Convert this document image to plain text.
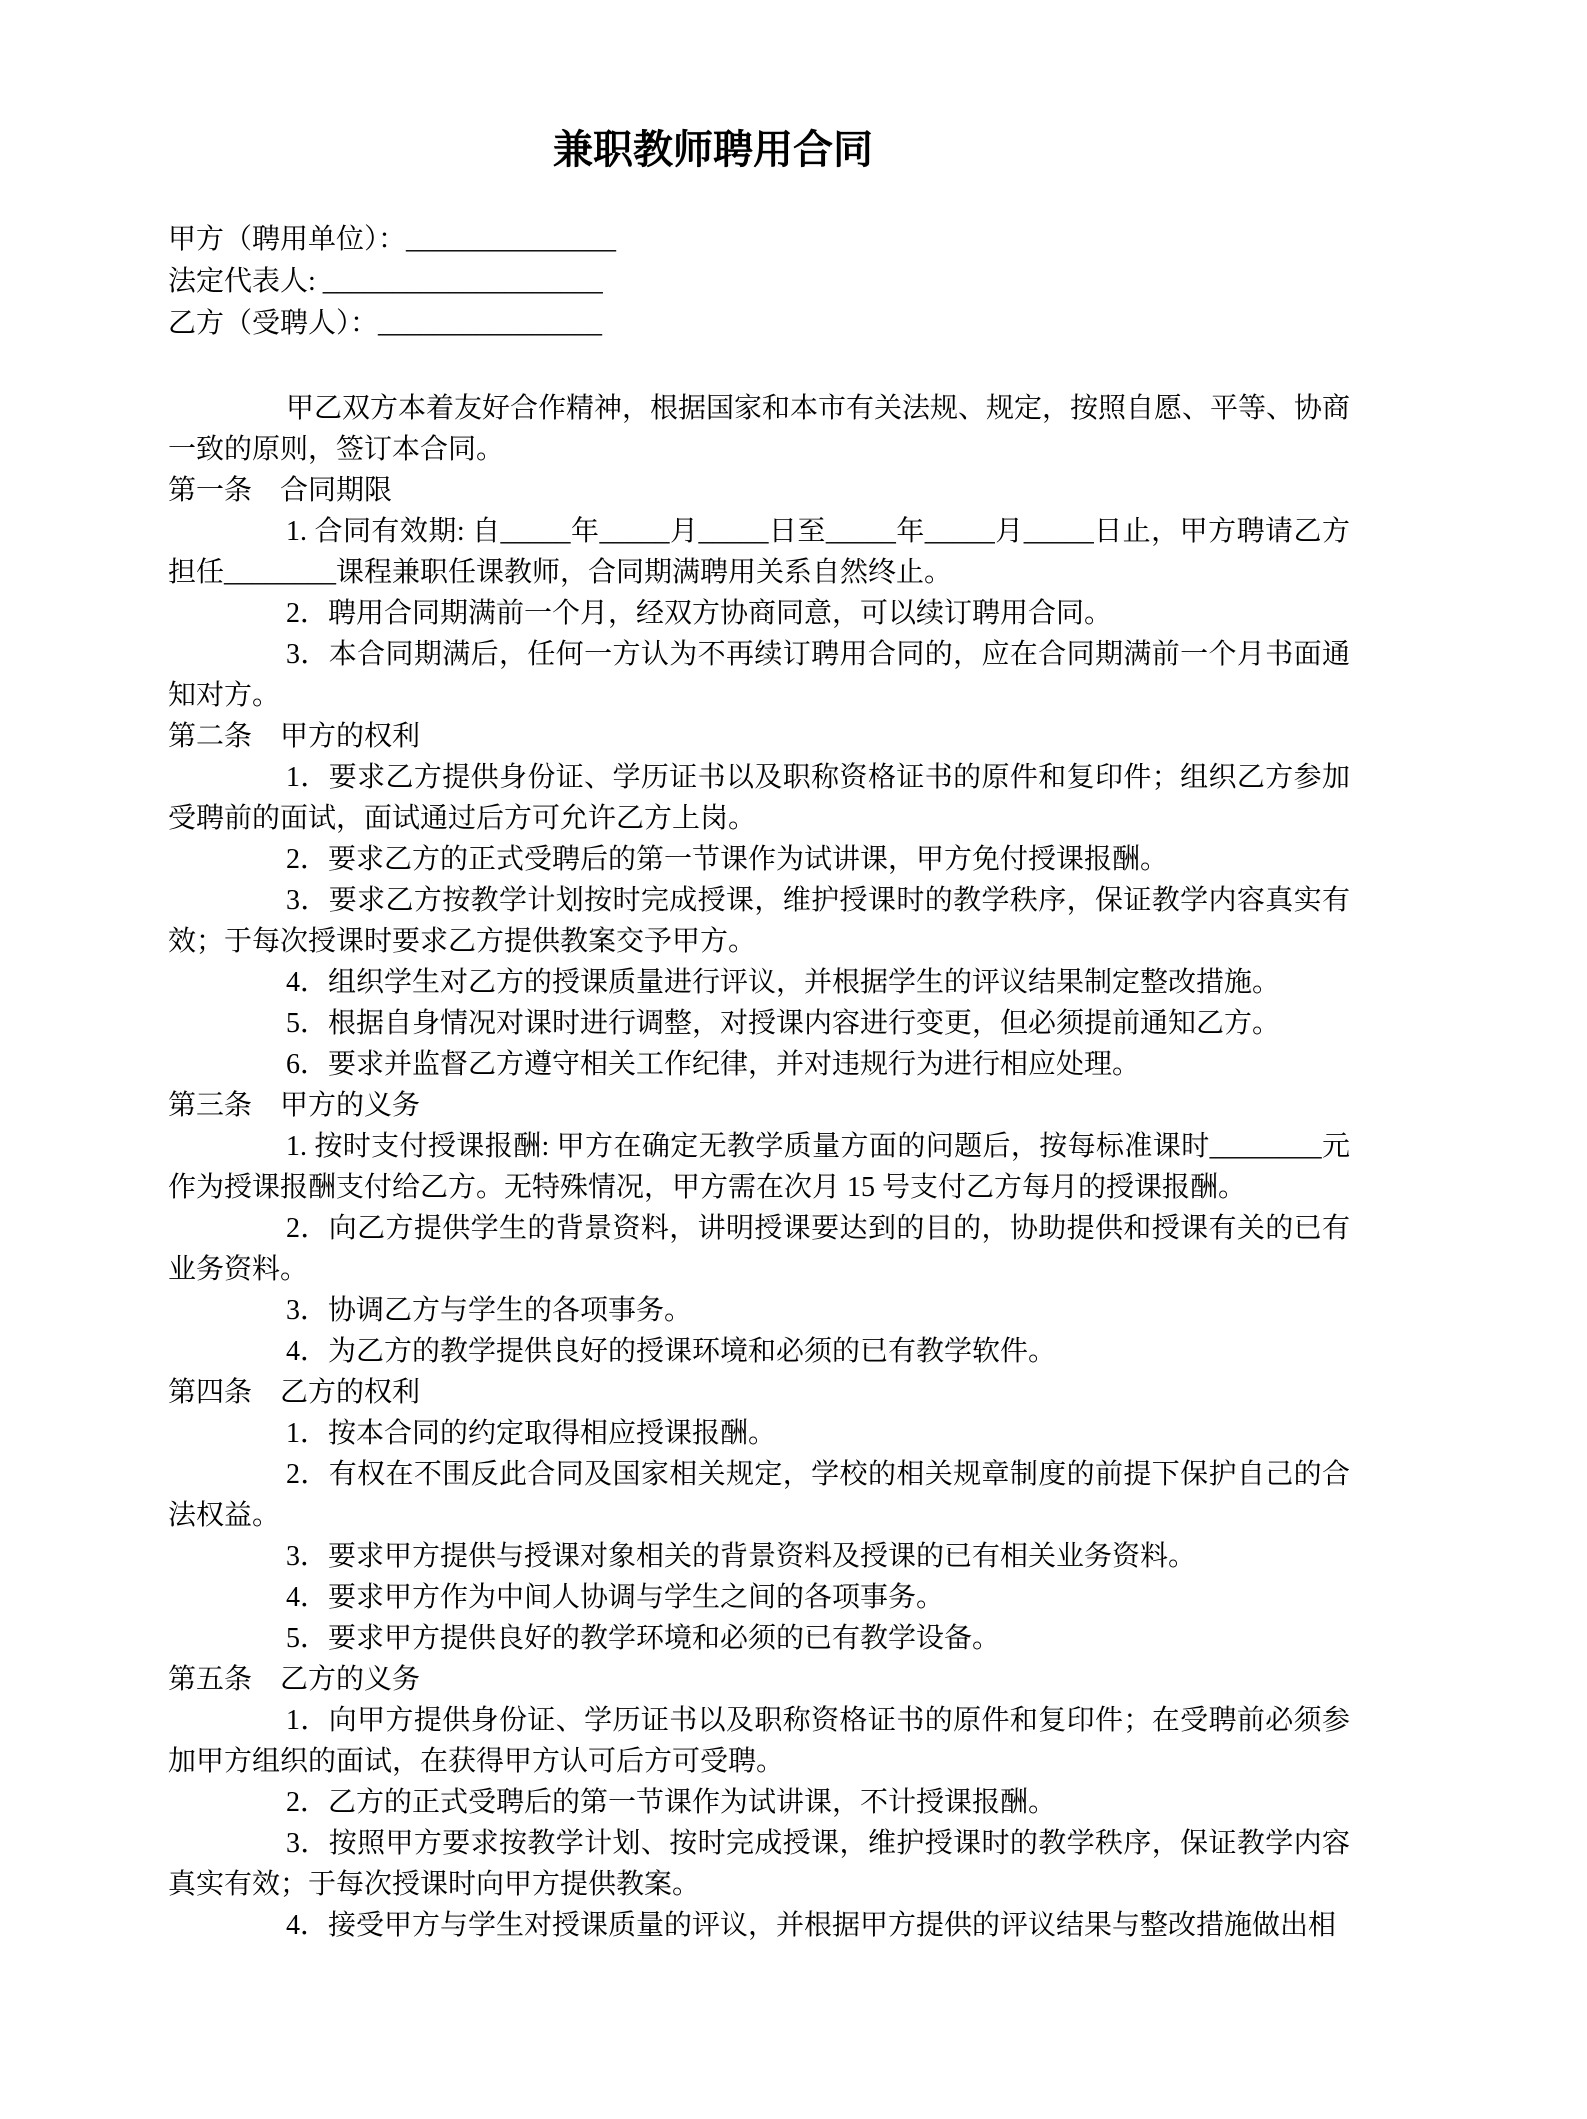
兼职教师聘用合同
甲方（聘用单位）：_______________
法定代表人: ____________________
乙方（受聘人）：________________

甲乙双方本着友好合作精神，根据国家和本市有关法规、规定，按照自愿、平等、协商一致的原则，签订本合同。

第一条　合同期限

1. 合同有效期: 自_____年_____月_____日至_____年_____月_____日止，甲方聘请乙方担任________课程兼职任课教师，合同期满聘用关系自然终止。

2．聘用合同期满前一个月，经双方协商同意，可以续订聘用合同。

3．本合同期满后，任何一方认为不再续订聘用合同的，应在合同期满前一个月书面通知对方。

第二条　甲方的权利

1．要求乙方提供身份证、学历证书以及职称资格证书的原件和复印件；组织乙方参加受聘前的面试，面试通过后方可允许乙方上岗。

2．要求乙方的正式受聘后的第一节课作为试讲课，甲方免付授课报酬。

3．要求乙方按教学计划按时完成授课，维护授课时的教学秩序，保证教学内容真实有效；于每次授课时要求乙方提供教案交予甲方。

4．组织学生对乙方的授课质量进行评议，并根据学生的评议结果制定整改措施。

5．根据自身情况对课时进行调整，对授课内容进行变更，但必须提前通知乙方。

6．要求并监督乙方遵守相关工作纪律，并对违规行为进行相应处理。

第三条　甲方的义务

1. 按时支付授课报酬: 甲方在确定无教学质量方面的问题后，按每标准课时________元作为授课报酬支付给乙方。无特殊情况，甲方需在次月 15 号支付乙方每月的授课报酬。

2．向乙方提供学生的背景资料，讲明授课要达到的目的，协助提供和授课有关的已有业务资料。

3．协调乙方与学生的各项事务。

4．为乙方的教学提供良好的授课环境和必须的已有教学软件。

第四条　乙方的权利

1．按本合同的约定取得相应授课报酬。

2．有权在不围反此合同及国家相关规定，学校的相关规章制度的前提下保护自己的合法权益。

3．要求甲方提供与授课对象相关的背景资料及授课的已有相关业务资料。

4．要求甲方作为中间人协调与学生之间的各项事务。

5．要求甲方提供良好的教学环境和必须的已有教学设备。

第五条　乙方的义务

1．向甲方提供身份证、学历证书以及职称资格证书的原件和复印件；在受聘前必须参加甲方组织的面试，在获得甲方认可后方可受聘。

2．乙方的正式受聘后的第一节课作为试讲课，不计授课报酬。

3．按照甲方要求按教学计划、按时完成授课，维护授课时的教学秩序，保证教学内容真实有效；于每次授课时向甲方提供教案。

4．接受甲方与学生对授课质量的评议，并根据甲方提供的评议结果与整改措施做出相
